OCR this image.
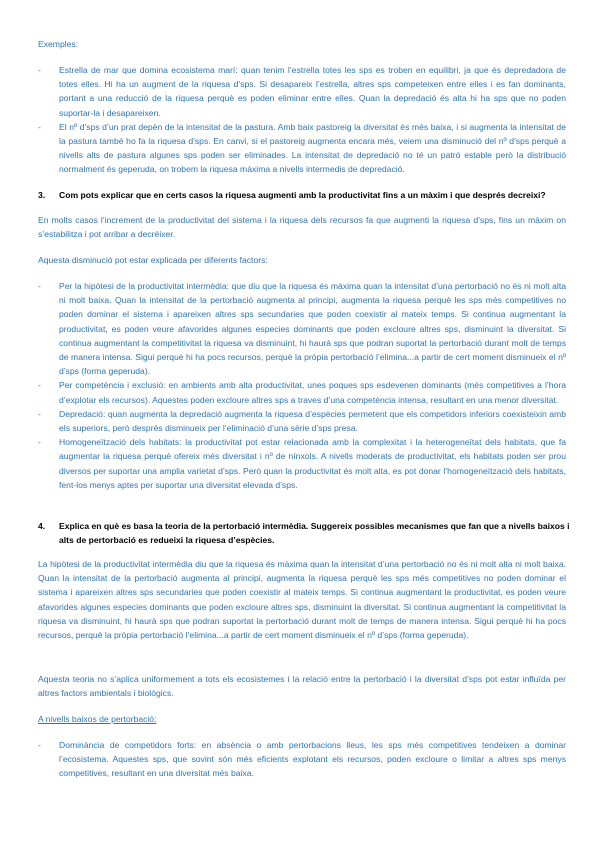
Exemples:

- Estrella de mar que domina ecosistema marí: quan tenim l’estrella totes les sps es troben en equilibri, ja que és depredadora de totes elles. Hi ha un augment de la riquesa d’sps. Si desapareix l’estrella, altres sps competeixen entre elles i es fan dominants, portant a una reducció de la riquesa perquè es poden eliminar entre elles. Quan la depredació és alta hi ha sps que no poden suportar-la i desapareixen.
- El nº d’sps d’un prat depèn de la intensitat de la pastura. Amb baix pastoreig la diversitat és més baixa, i si augmenta la intensitat de la pastura també ho fa la riquesa d’sps. En canvi, si el pastoreig augmenta encara més, veiem una disminució del nº d’sps perquè a nivells alts de pastura algunes sps poden ser eliminades. La intensitat de depredació no té un patró estable però la distribució normalment és geperuda, on trobem la riquesa màxima a nivells intermedis de depredació.
3.	Com pots explicar que en certs casos la riquesa augmenti amb la productivitat fins a un màxim i que després decreixi?

En molts casos l’increment de la productivitat del sistema i la riquesa dels recursos fa que augmenti la riquesa d’sps, fins un màxim on s’estabilitza i pot arribar a decréixer.

Aquesta disminució pot estar explicada per diferents factors:

- Per la hipòtesi de la productivitat intermèdia: que diu que la riquesa és màxima quan la intensitat d’una pertorbació no és ni molt alta ni molt baixa. Quan la intensitat de la pertorbació augmenta al principi, augmenta la riquesa perquè les sps més competitives no poden dominar el sistema i apareixen altres sps secundaries que poden coexistir al mateix temps. Si continua augmentant la productivitat, es poden veure afavorides algunes especies dominants que poden excloure altres sps, disminuint la diversitat. Si continua augmentant la competitivitat la riquesa va disminuint, hi haurà sps que podran suportat la pertorbació durant molt de temps de manera intensa. Sigui perquè hi ha pocs recursos, perquè la pròpia pertorbació l’elimina...a partir de cert moment disminueix el nº d’sps (forma geperuda).
- Per competència i exclusió: en ambients amb alta productivitat, unes poques sps esdevenen dominants (més competitives a l’hora d’explotar els recursos). Aquestes poden excloure altres sps a traves d’una competència intensa, resultant en una menor diversitat.
- Depredació: quan augmenta la depredació augmenta la riquesa d’espècies permetent que els competidors inferiors coexisteixin amb els superiors, però després disminueix per l’eliminació d’una sèrie d’sps presa.
- Homogeneïtzació dels habitats: la productivitat pot estar relacionada amb la complexitat i la heterogeneïtat dels habitats, que fa augmentar la riquesa perquè ofereix més diversitat i nº de nínxols. A nivells moderats de productivitat, els habitats poden ser prou diversos per suportar una amplia varietat d’sps. Però quan la productivitat és molt alta, es pot donar l’homogeneïtzació dels habitats, fent-los menys aptes per suportar una diversitat elevada d’sps.
4.	Explica en què es basa la teoria de la pertorbació intermèdia. Suggereix possibles mecanismes que fan que a nivells baixos i alts de pertorbació es redueixi la riquesa d’espècies.

La hipòtesi de la productivitat intermèdia diu que la riquesa és màxima quan la intensitat d’una pertorbació no és ni molt alta ni molt baixa. Quan la intensitat de la pertorbació augmenta al principi, augmenta la riquesa perquè les sps més competitives no poden dominar el sistema i apareixen altres sps secundaries que poden coexistir al mateix temps. Si continua augmentant la productivitat, es poden veure afavorides algunes especies dominants que poden excloure altres sps, disminuint la diversitat. Si continua augmentant la competitivitat la riquesa va disminuint, hi haurà sps que podran suportat la pertorbació durant molt de temps de manera intensa. Sigui perquè hi ha pocs recursos, perquè la pròpia pertorbació l’elimina...a partir de cert moment disminueix el nº d’sps (forma geperuda).

Aquesta teoria no s’aplica uniformement a tots els ecosistemes i la relació entre la pertorbació i la diversitat d’sps pot estar influïda per altres factors ambientals i biològics.

A nivells baixos de pertorbació:

- Dominància de competidors forts: en absència o amb pertorbacions lleus, les sps més competitives tendeixen a dominar l’ecosistema. Aquestes sps, que sovint són més eficients explotant els recursos, poden excloure o limitar a altres sps menys competitives, resultant en una diversitat més baixa.
